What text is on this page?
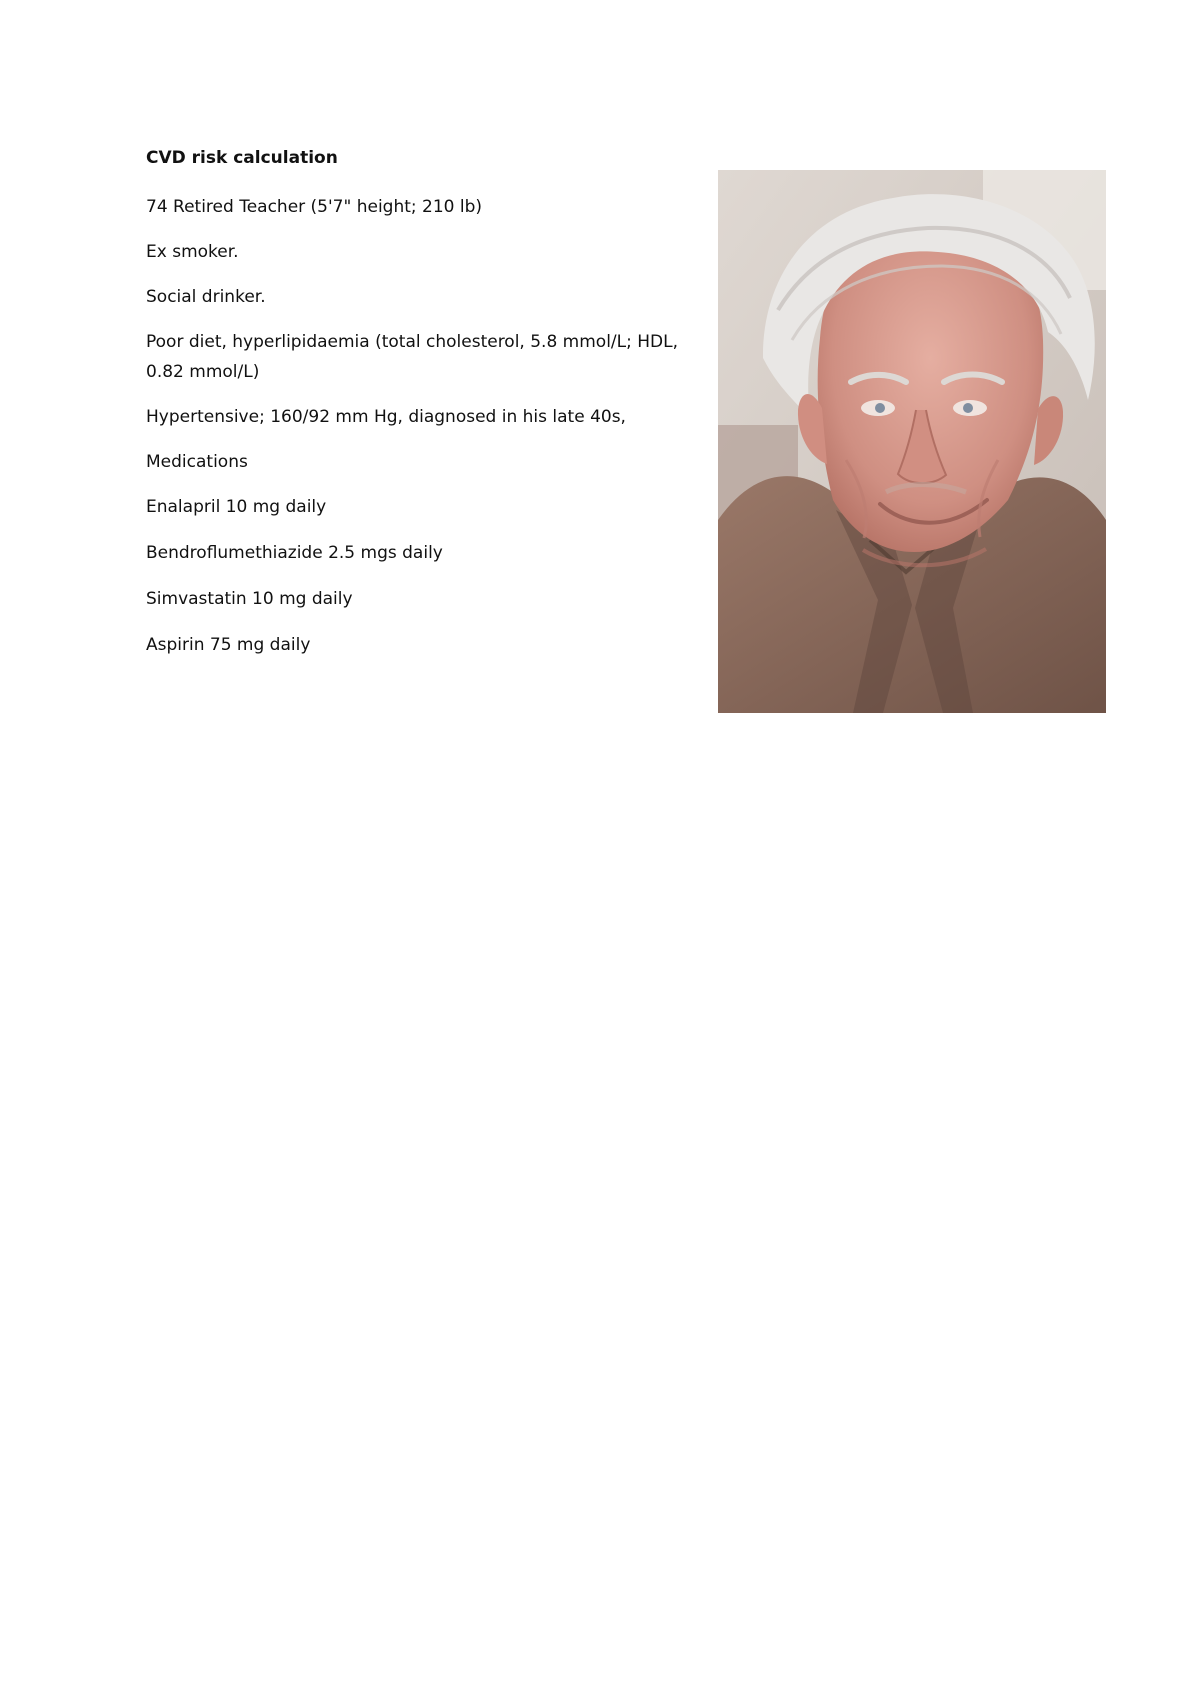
CVD risk calculation
74 Retired Teacher (5'7" height; 210 lb)
Ex smoker.
Social drinker.
Poor diet, hyperlipidaemia (total cholesterol, 5.8 mmol/L; HDL, 0.82 mmol/L)
Hypertensive; 160/92 mm Hg, diagnosed in his late 40s,
Medications
Enalapril 10 mg daily
Bendroflumethiazide 2.5 mgs daily
Simvastatin 10 mg daily
Aspirin 75 mg daily
